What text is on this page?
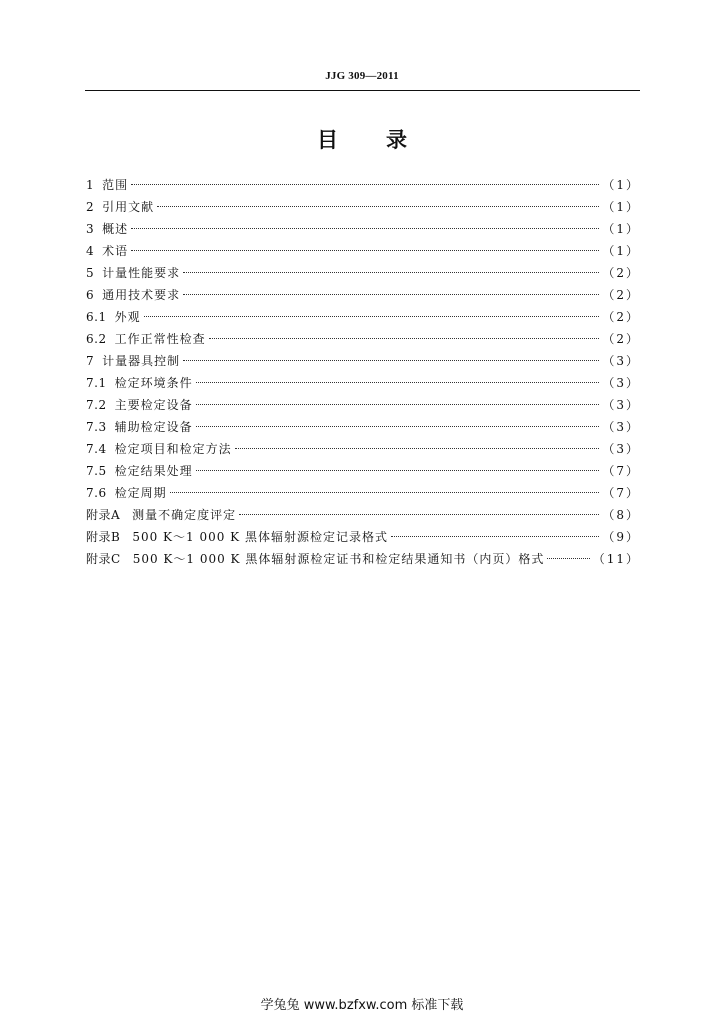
JJG 309—2011
目录
1 范围	（1）
2 引用文献	（1）
3 概述	（1）
4 术语	（1）
5 计量性能要求	（2）
6 通用技术要求	（2）
6.1 外观	（2）
6.2 工作正常性检查	（2）
7 计量器具控制	（3）
7.1 检定环境条件	（3）
7.2 主要检定设备	（3）
7.3 辅助检定设备	（3）
7.4 检定项目和检定方法	（3）
7.5 检定结果处理	（7）
7.6 检定周期	（7）
附录A	测量不确定度评定	（8）
附录B	500 K～1 000 K 黑体辐射源检定记录格式	（9）
附录C	500 K～1 000 K 黑体辐射源检定证书和检定结果通知书（内页）格式	（11）
学兔兔 www.bzfxw.com 标准下载
